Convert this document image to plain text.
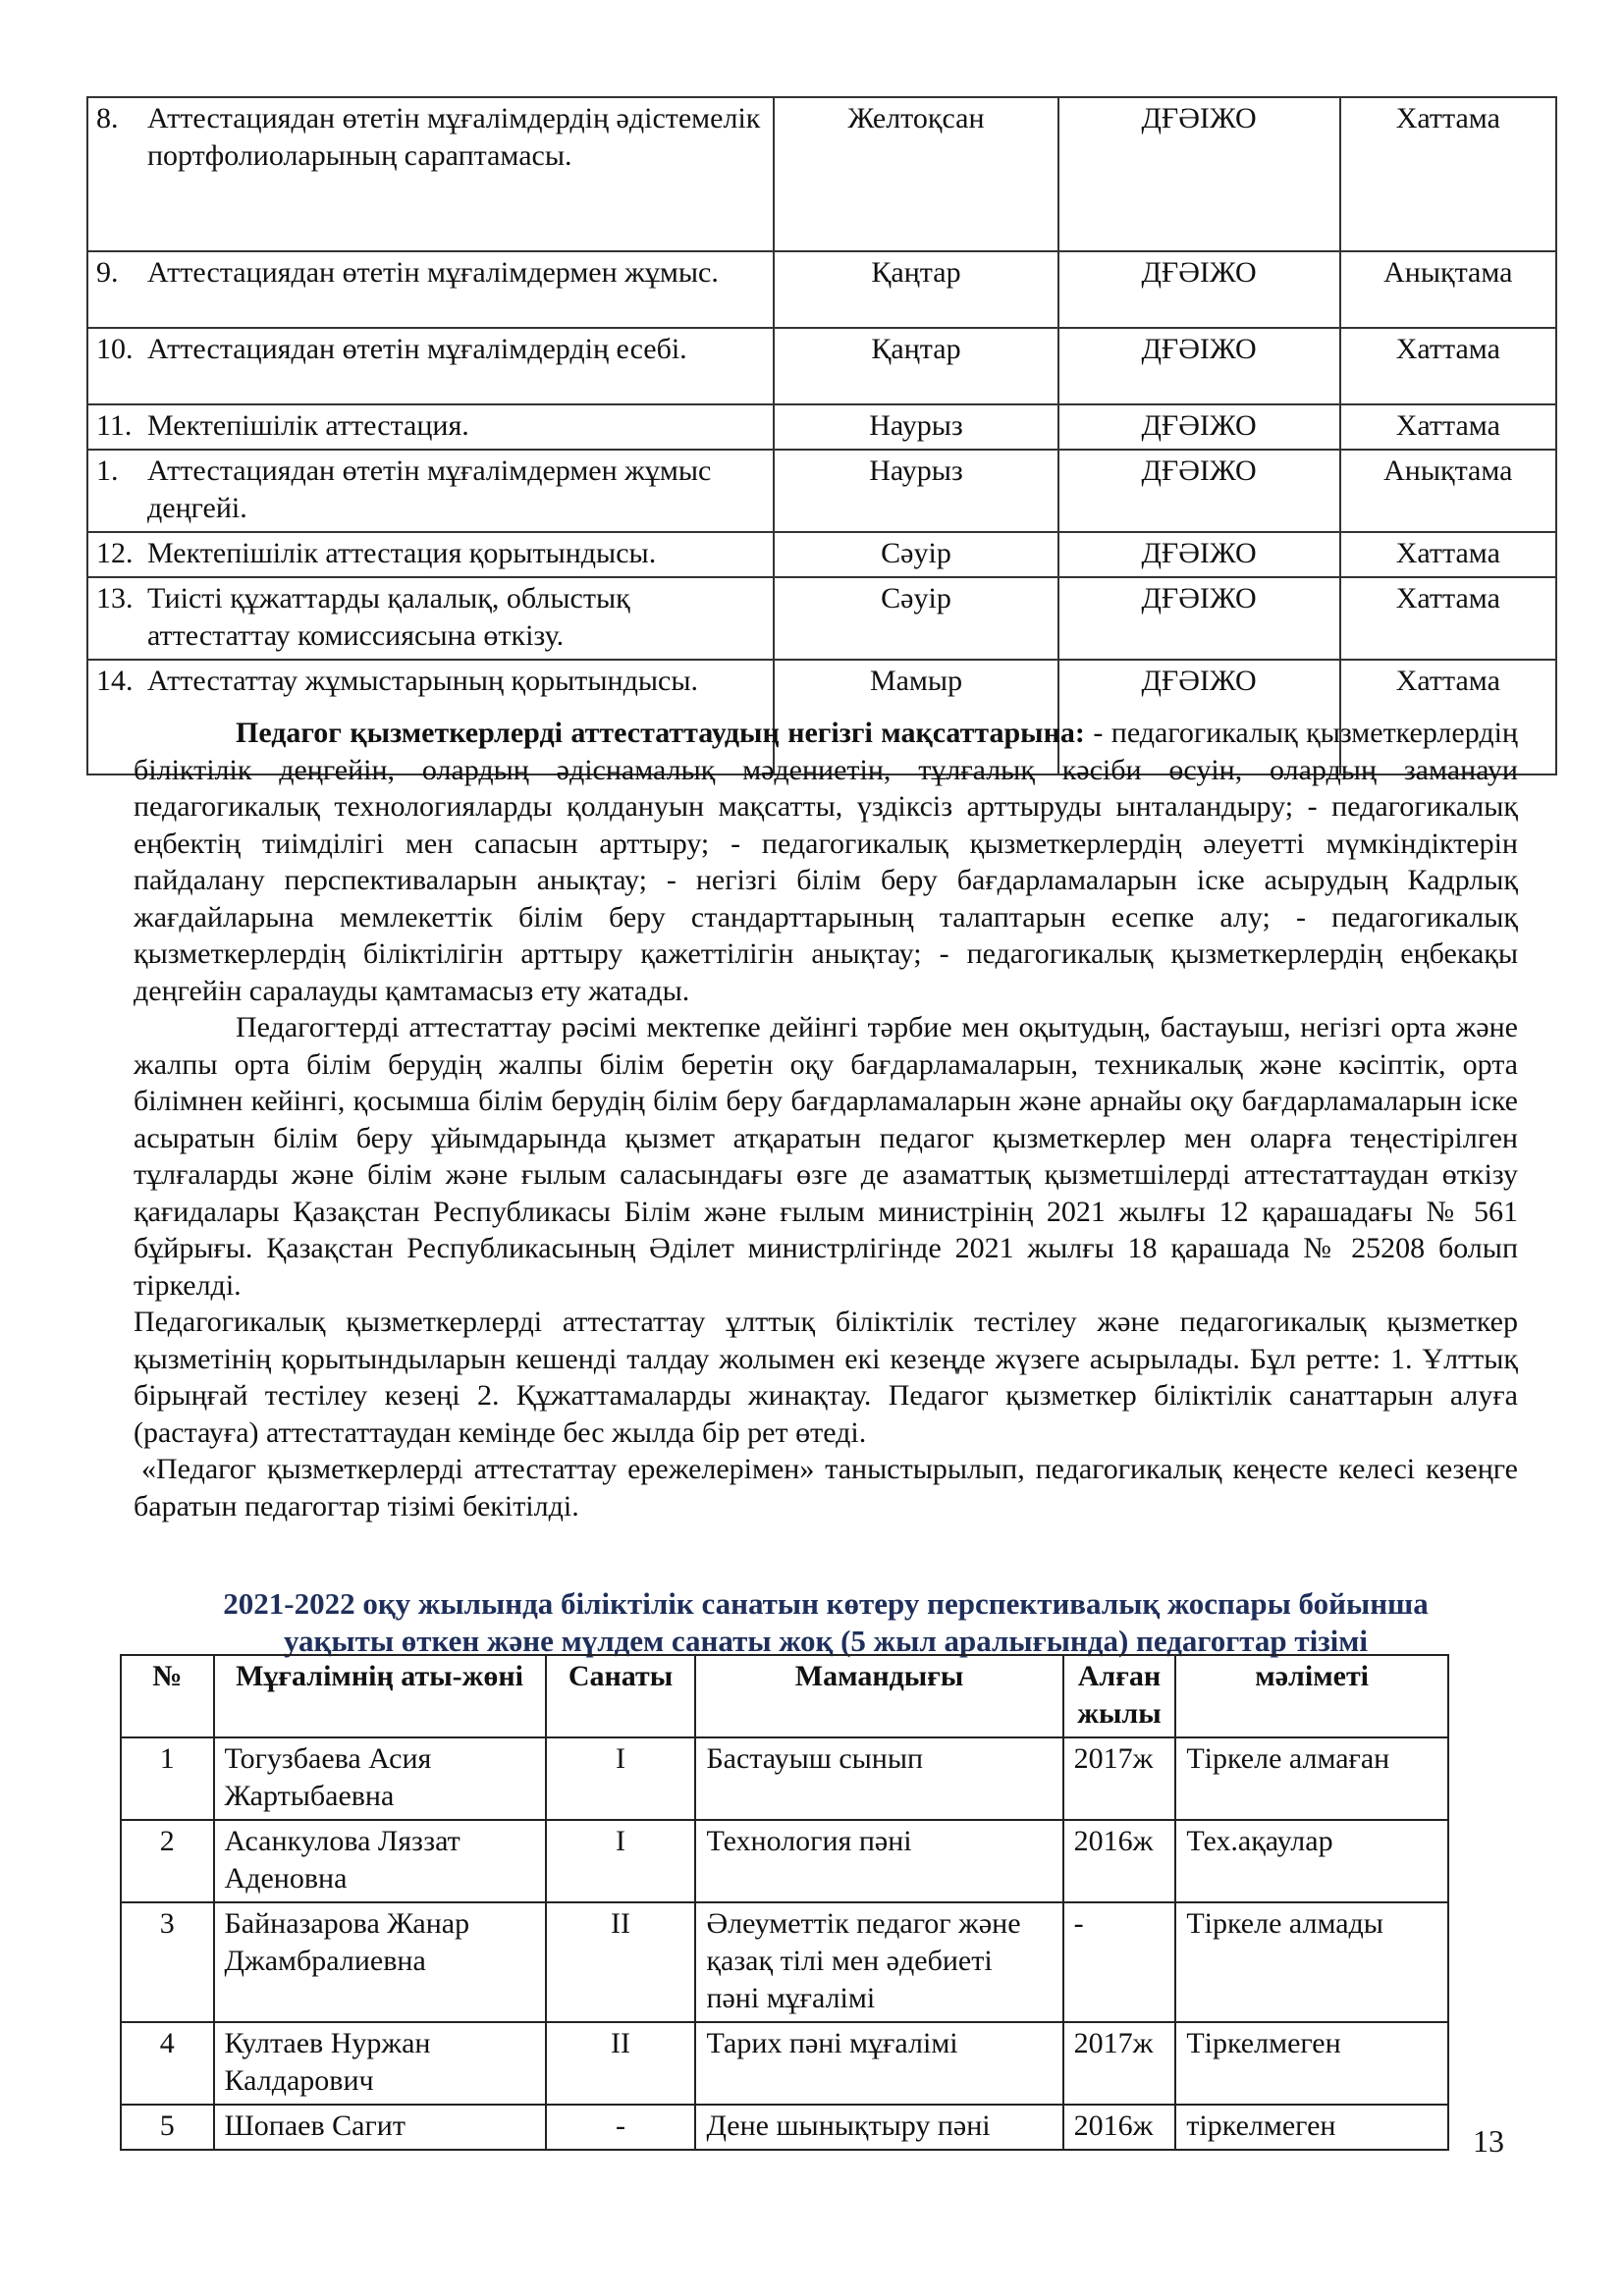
8. Аттестациядан өтетін мұғалімдердің әдістемелік портфолиоларының сараптамасы.	Желтоқсан	ДҒӘІЖО	Хаттама

9. Аттестациядан өтетін мұғалімдермен жұмыс.	Қаңтар	ДҒӘІЖО	Анықтама

10. Аттестациядан өтетін мұғалімдердің есебі.	Қаңтар	ДҒӘІЖО	Хаттама

11. Мектепішілік аттестация.	Наурыз	ДҒӘІЖО	Хаттама

1. Аттестациядан өтетін мұғалімдермен жұмыс деңгейі.	Наурыз	ДҒӘІЖО	Анықтама

12. Мектепішілік аттестация қорытындысы.	Сәуір	ДҒӘІЖО	Хаттама

13. Тиісті құжаттарды қалалық, облыстық аттестаттау комиссиясына өткізу.	Сәуір	ДҒӘІЖО	Хаттама

14. Аттестаттау жұмыстарының қорытындысы.	Мамыр	ДҒӘІЖО	Хаттама

Педагог қызметкерлерді аттестаттаудың негізгі мақсаттарына: - педагогикалық қызметкерлердің біліктілік деңгейін, олардың әдіснамалық мәдениетін, тұлғалық кәсіби өсуін, олардың заманауи педагогикалық технологияларды қолдануын мақсатты, үздіксіз арттыруды ынталандыру; - педагогикалық еңбектің тиімділігі мен сапасын арттыру; - педагогикалық қызметкерлердің әлеуетті мүмкіндіктерін пайдалану перспективаларын анықтау; - негізгі білім беру бағдарламаларын іске асырудың Кадрлық жағдайларына мемлекеттік білім беру стандарттарының талаптарын есепке алу; - педагогикалық қызметкерлердің біліктілігін арттыру қажеттілігін анықтау; - педагогикалық қызметкерлердің еңбекақы деңгейін саралауды қамтамасыз ету жатады.

Педагогтерді аттестаттау рәсімі мектепке дейінгі тәрбие мен оқытудың, бастауыш, негізгі орта және жалпы орта білім берудің жалпы білім беретін оқу бағдарламаларын, техникалық және кәсіптік, орта білімнен кейінгі, қосымша білім берудің білім беру бағдарламаларын және арнайы оқу бағдарламаларын іске асыратын білім беру ұйымдарында қызмет атқаратын педагог қызметкерлер мен оларға теңестірілген тұлғаларды және білім және ғылым саласындағы өзге де азаматтық қызметшілерді аттестаттаудан өткізу қағидалары Қазақстан Республикасы Білім және ғылым министрінің 2021 жылғы 12 қарашадағы № 561 бұйрығы. Қазақстан Республикасының Әділет министрлігінде 2021 жылғы 18 қарашада № 25208 болып тіркелді.

Педагогикалық қызметкерлерді аттестаттау ұлттық біліктілік тестілеу және педагогикалық қызметкер қызметінің қорытындыларын кешенді талдау жолымен екі кезеңде жүзеге асырылады. Бұл ретте: 1. Ұлттық бірыңғай тестілеу кезеңі 2. Құжаттамаларды жинақтау. Педагог қызметкер біліктілік санаттарын алуға (растауға) аттестаттаудан кемінде бес жылда бір рет өтеді.

«Педагог қызметкерлерді аттестаттау ережелерімен» таныстырылып, педагогикалық кеңесте келесі кезеңге баратын педагогтар тізімі бекітілді.

2021-2022 оқу жылында біліктілік санатын көтеру перспективалық жоспары бойынша
уақыты өткен және мүлдем санаты жоқ (5 жыл аралығында) педагогтар тізімі
№	Мұғалімнің аты-жөні	Санаты	Мамандығы	Алған жылы	мәліметі
1	Тогузбаева Асия Жартыбаевна	I	Бастауыш сынып	2017ж	Тіркеле алмаған
2	Асанкулова Ляззат Аденовна	I	Технология пәні	2016ж	Тех.ақаулар
3	Байназарова Жанар Джамбралиевна	II	Әлеуметтік педагог және қазақ тілі мен әдебиеті пәні мұғалімі	-	Тіркеле алмады
4	Култаев Нуржан Калдарович	II	Тарих пәні мұғалімі	2017ж	Тіркелмеген
5	Шопаев Сагит	-	Дене шынықтыру пәні	2016ж	тіркелмеген	13
